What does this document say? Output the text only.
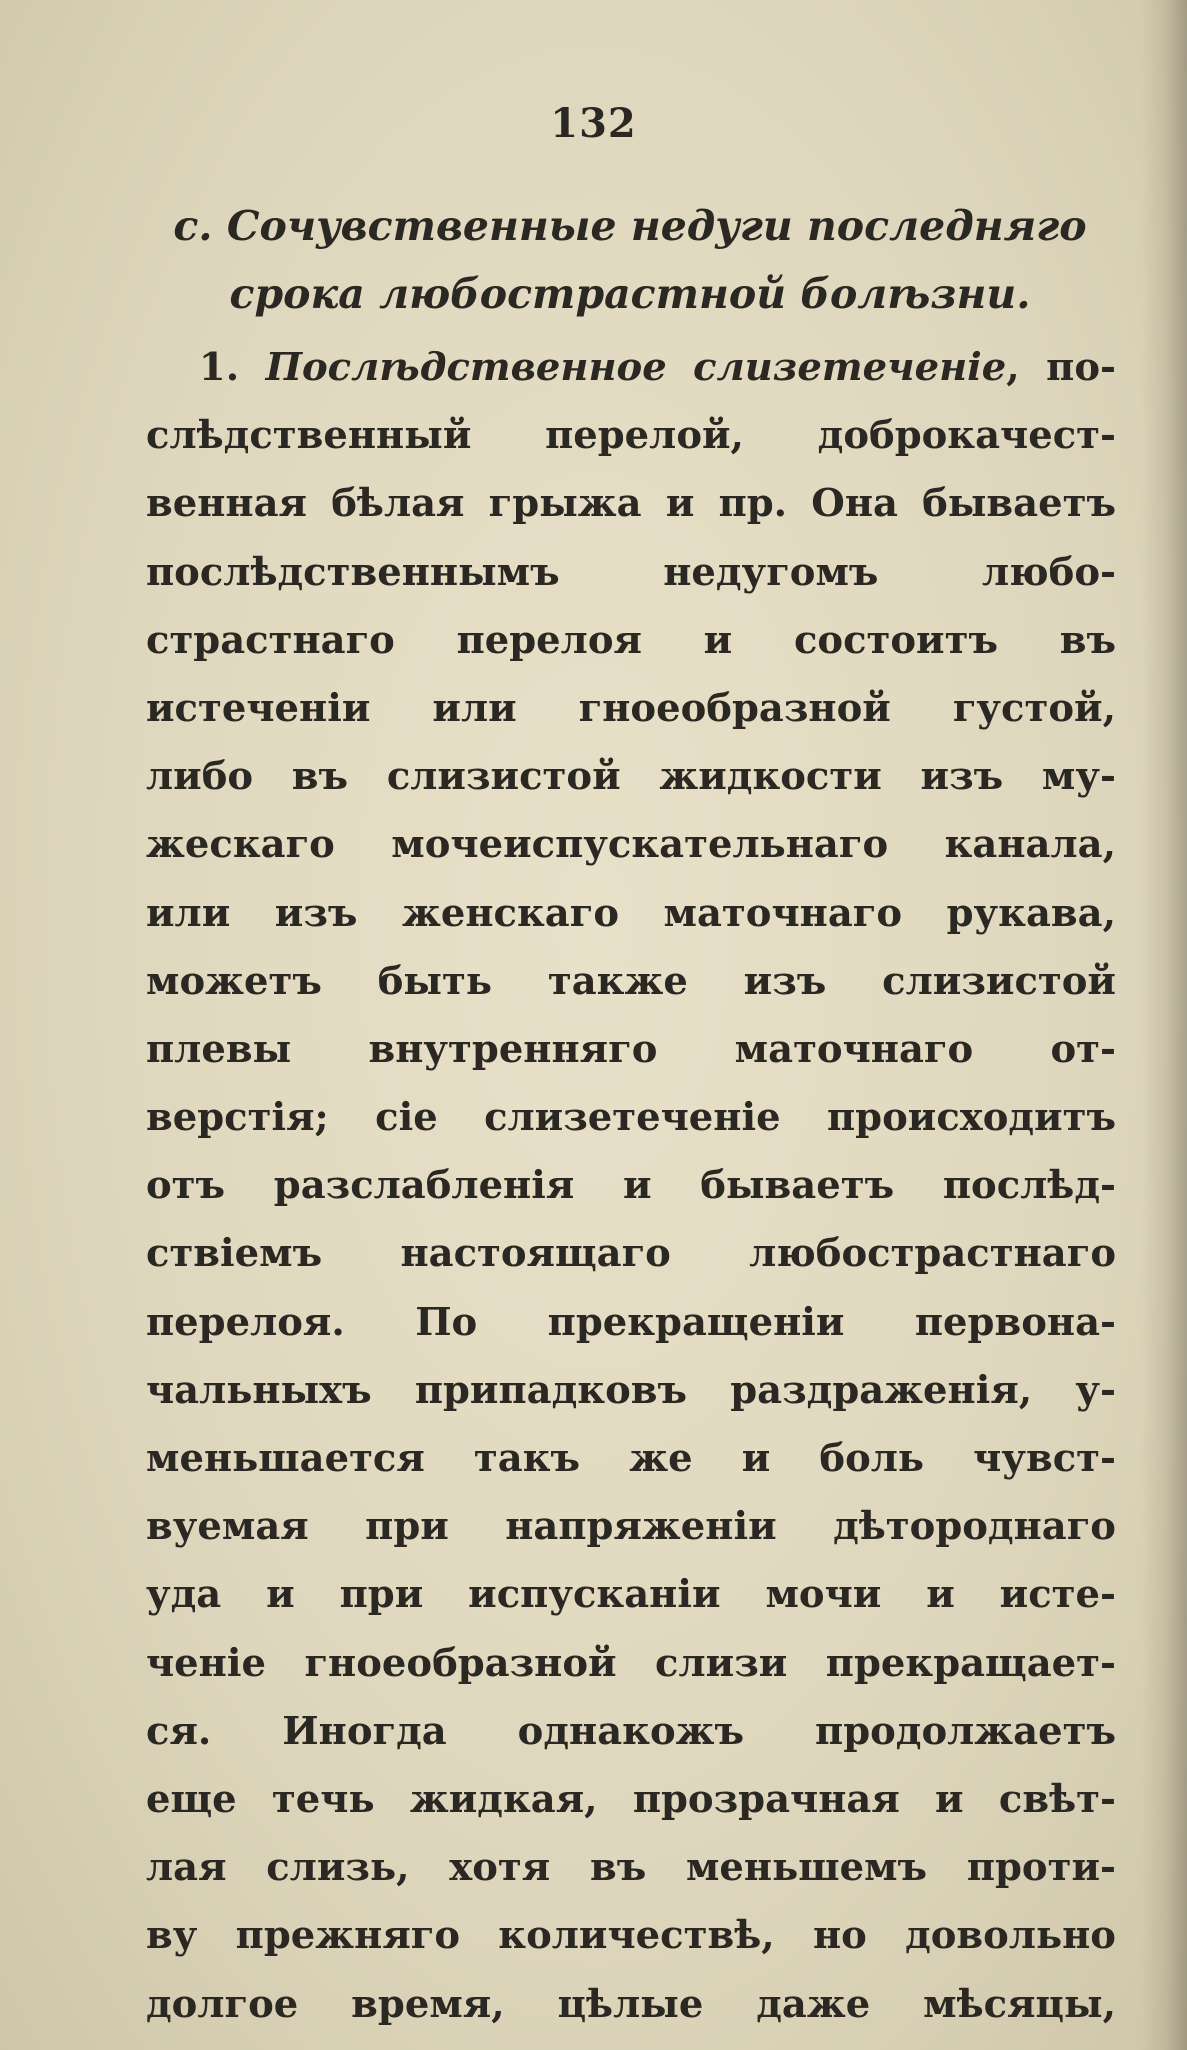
132
c. Сочувственные недуги последняго
срока любострастной болѣзни.
1. Послѣдственное слизетеченіе, по-
слѣдственный перелой, доброкачест-
венная бѣлая грыжа и пр. Она бываетъ
послѣдственнымъ недугомъ любо-
страстнаго перелоя и состоитъ въ
истеченіи или гноеобразной густой,
либо въ слизистой жидкости изъ му-
жескаго мочеиспускательнаго канала,
или изъ женскаго маточнаго рукава,
можетъ быть также изъ слизистой
плевы внутренняго маточнаго от-
верстія; сіе слизетеченіе происходитъ
отъ разслабленія и бываетъ послѣд-
ствіемъ настоящаго любострастнаго
перелоя. По прекращеніи первона-
чальныхъ припадковъ раздраженія, у-
меньшается такъ же и боль чувст-
вуемая при напряженіи дѣтороднаго
уда и при испусканіи мочи и исте-
ченіе гноеобразной слизи прекращает-
ся. Иногда однакожъ продолжаетъ
еще течь жидкая, прозрачная и свѣт-
лая слизь, хотя въ меньшемъ проти-
ву прежняго количествѣ, но довольно
долгое время, цѣлые даже мѣсяцы,
